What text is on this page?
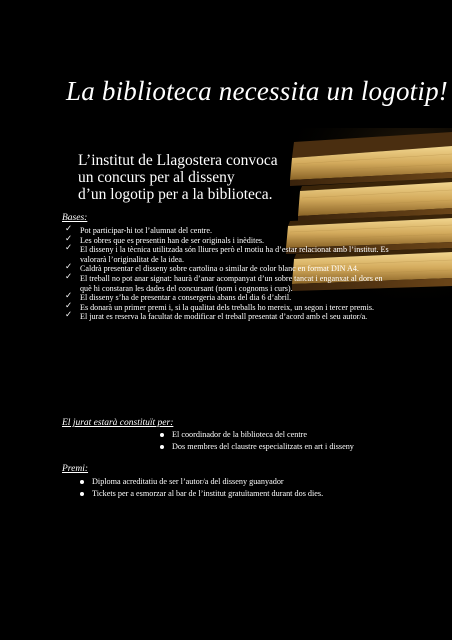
La biblioteca necessita un logotip!
L’institut de Llagostera convoca
un concurs per al disseny
d’un logotip per a la biblioteca.
Bases:
✓ Pot participar-hi tot l’alumnat del centre.
✓ Les obres que es presentin han de ser originals i inèdites.
✓ El disseny i la tècnica utilitzada són lliures però el motiu ha d’estar relacionat amb l’institut. Es valorarà l’originalitat de la idea.
✓ Caldrà presentar el disseny sobre cartolina o similar de color blanc en format DIN A4.
✓ El treball no pot anar signat: haurà d’anar acompanyat d’un sobre tancat i enganxat al dors en què hi constaran les dades del concursant (nom i cognoms i curs).
✓ El disseny s’ha de presentar a consergeria abans del dia 6 d’abril.
✓ Es donarà un primer premi i, si la qualitat dels treballs ho mereix, un segon i tercer premis.
✓ El jurat es reserva la facultat de modificar el treball presentat d’acord amb el seu autor/a.
El jurat estarà constituït per:
El coordinador de la biblioteca del centre
Dos membres del claustre especialitzats en art i disseny
Premi:
Diploma acreditatiu de ser l’autor/a del disseny guanyador
Tickets per a esmorzar al bar de l’institut gratuïtament durant dos dies.
